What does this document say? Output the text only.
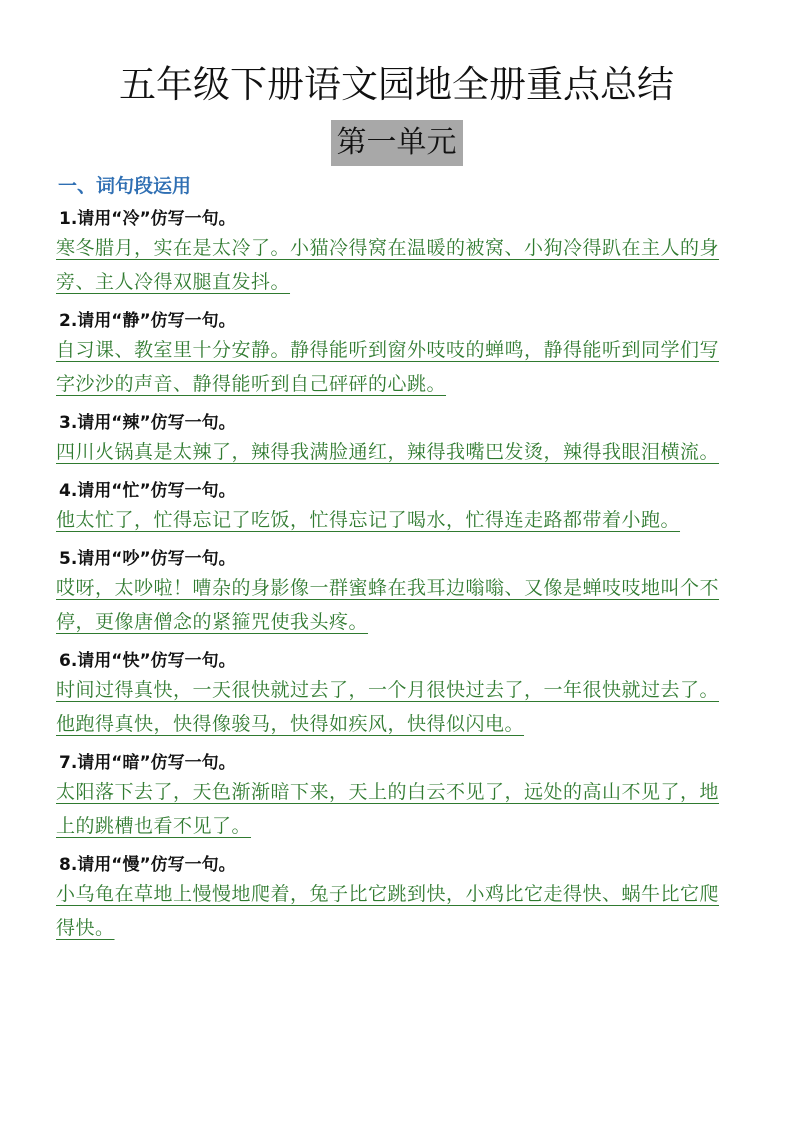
五年级下册语文园地全册重点总结
第一单元
一、词句段运用
1.请用“冷”仿写一句。
寒冬腊月，实在是太冷了。小猫冷得窝在温暖的被窝、小狗冷得趴在主人的身旁、主人冷得双腿直发抖。
2.请用“静”仿写一句。
自习课、教室里十分安静。静得能听到窗外吱吱的蝉鸣，静得能听到同学们写字沙沙的声音、静得能听到自己砰砰的心跳。
3.请用“辣”仿写一句。
四川火锅真是太辣了，辣得我满脸通红，辣得我嘴巴发烫，辣得我眼泪横流。
4.请用“忙”仿写一句。
他太忙了，忙得忘记了吃饭，忙得忘记了喝水，忙得连走路都带着小跑。
5.请用“吵”仿写一句。
哎呀，太吵啦！嘈杂的身影像一群蜜蜂在我耳边嗡嗡、又像是蝉吱吱地叫个不停，更像唐僧念的紧箍咒使我头疼。
6.请用“快”仿写一句。
时间过得真快，一天很快就过去了，一个月很快过去了，一年很快就过去了。
他跑得真快，快得像骏马，快得如疾风，快得似闪电。
7.请用“暗”仿写一句。
太阳落下去了，天色渐渐暗下来，天上的白云不见了，远处的高山不见了，地上的跳槽也看不见了。
8.请用“慢”仿写一句。
小乌龟在草地上慢慢地爬着，兔子比它跳到快，小鸡比它走得快、蜗牛比它爬得快。
